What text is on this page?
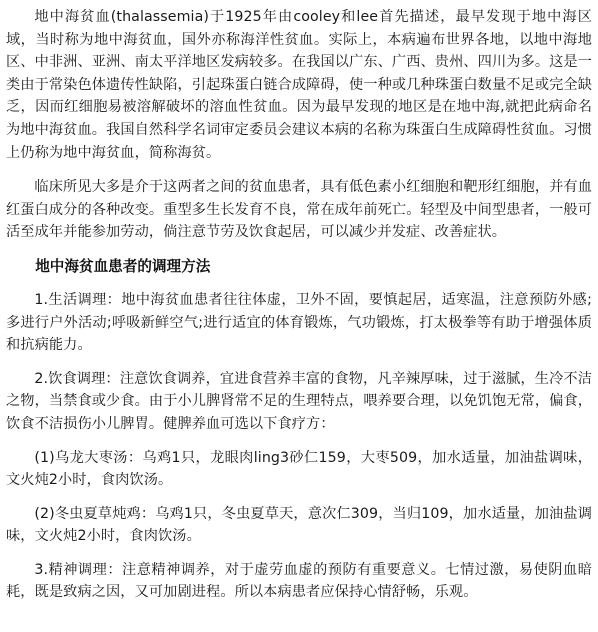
地中海贫血(thalassemia)于1925年由cooley和lee首先描述，最早发现于地中海区域，当时称为地中海贫血，国外亦称海洋性贫血。实际上，本病遍布世界各地，以地中海地区、中非洲、亚洲、南太平洋地区发病较多。在我国以广东、广西、贵州、四川为多。这是一类由于常染色体遗传性缺陷，引起珠蛋白链合成障碍，使一种或几种珠蛋白数量不足或完全缺乏，因而红细胞易被溶解破坏的溶血性贫血。因为最早发现的地区是在地中海,就把此病命名为地中海贫血。我国自然科学名词审定委员会建议本病的名称为珠蛋白生成障碍性贫血。习惯上仍称为地中海贫血，简称海贫。

临床所见大多是介于这两者之间的贫血患者，具有低色素小红细胞和靶形红细胞，并有血红蛋白成分的各种改变。重型多生长发育不良，常在成年前死亡。轻型及中间型患者，一般可活至成年并能参加劳动，倘注意节劳及饮食起居，可以减少并发症、改善症状。

地中海贫血患者的调理方法

1.生活调理：地中海贫血患者往往体虚，卫外不固，要慎起居，适寒温，注意预防外感;多进行户外活动;呼吸新鲜空气;进行适宜的体育锻炼，气功锻炼，打太极拳等有助于增强体质和抗病能力。

2.饮食调理：注意饮食调养，宜进食营养丰富的食物，凡辛辣厚味，过于滋腻，生冷不洁之物，当禁食或少食。由于小儿脾肾常不足的生理特点，喂养要合理，以免饥饱无常，偏食，饮食不洁损伤小儿脾胃。健脾养血可选以下食疗方：

(1)乌龙大枣汤：乌鸡1只，龙眼肉ling3砂仁159，大枣509，加水适量，加油盐调味，文火炖2小时，食肉饮汤。

(2)冬虫夏草炖鸡：乌鸡1只，冬虫夏草天，意次仁309，当归109，加水适量，加油盐调味，文火炖2小时，食肉饮汤。

3.精神调理：注意精神调养，对于虚劳血虚的预防有重要意义。七情过激，易使阴血暗耗，既是致病之因，又可加剧进程。所以本病患者应保持心情舒畅，乐观。
